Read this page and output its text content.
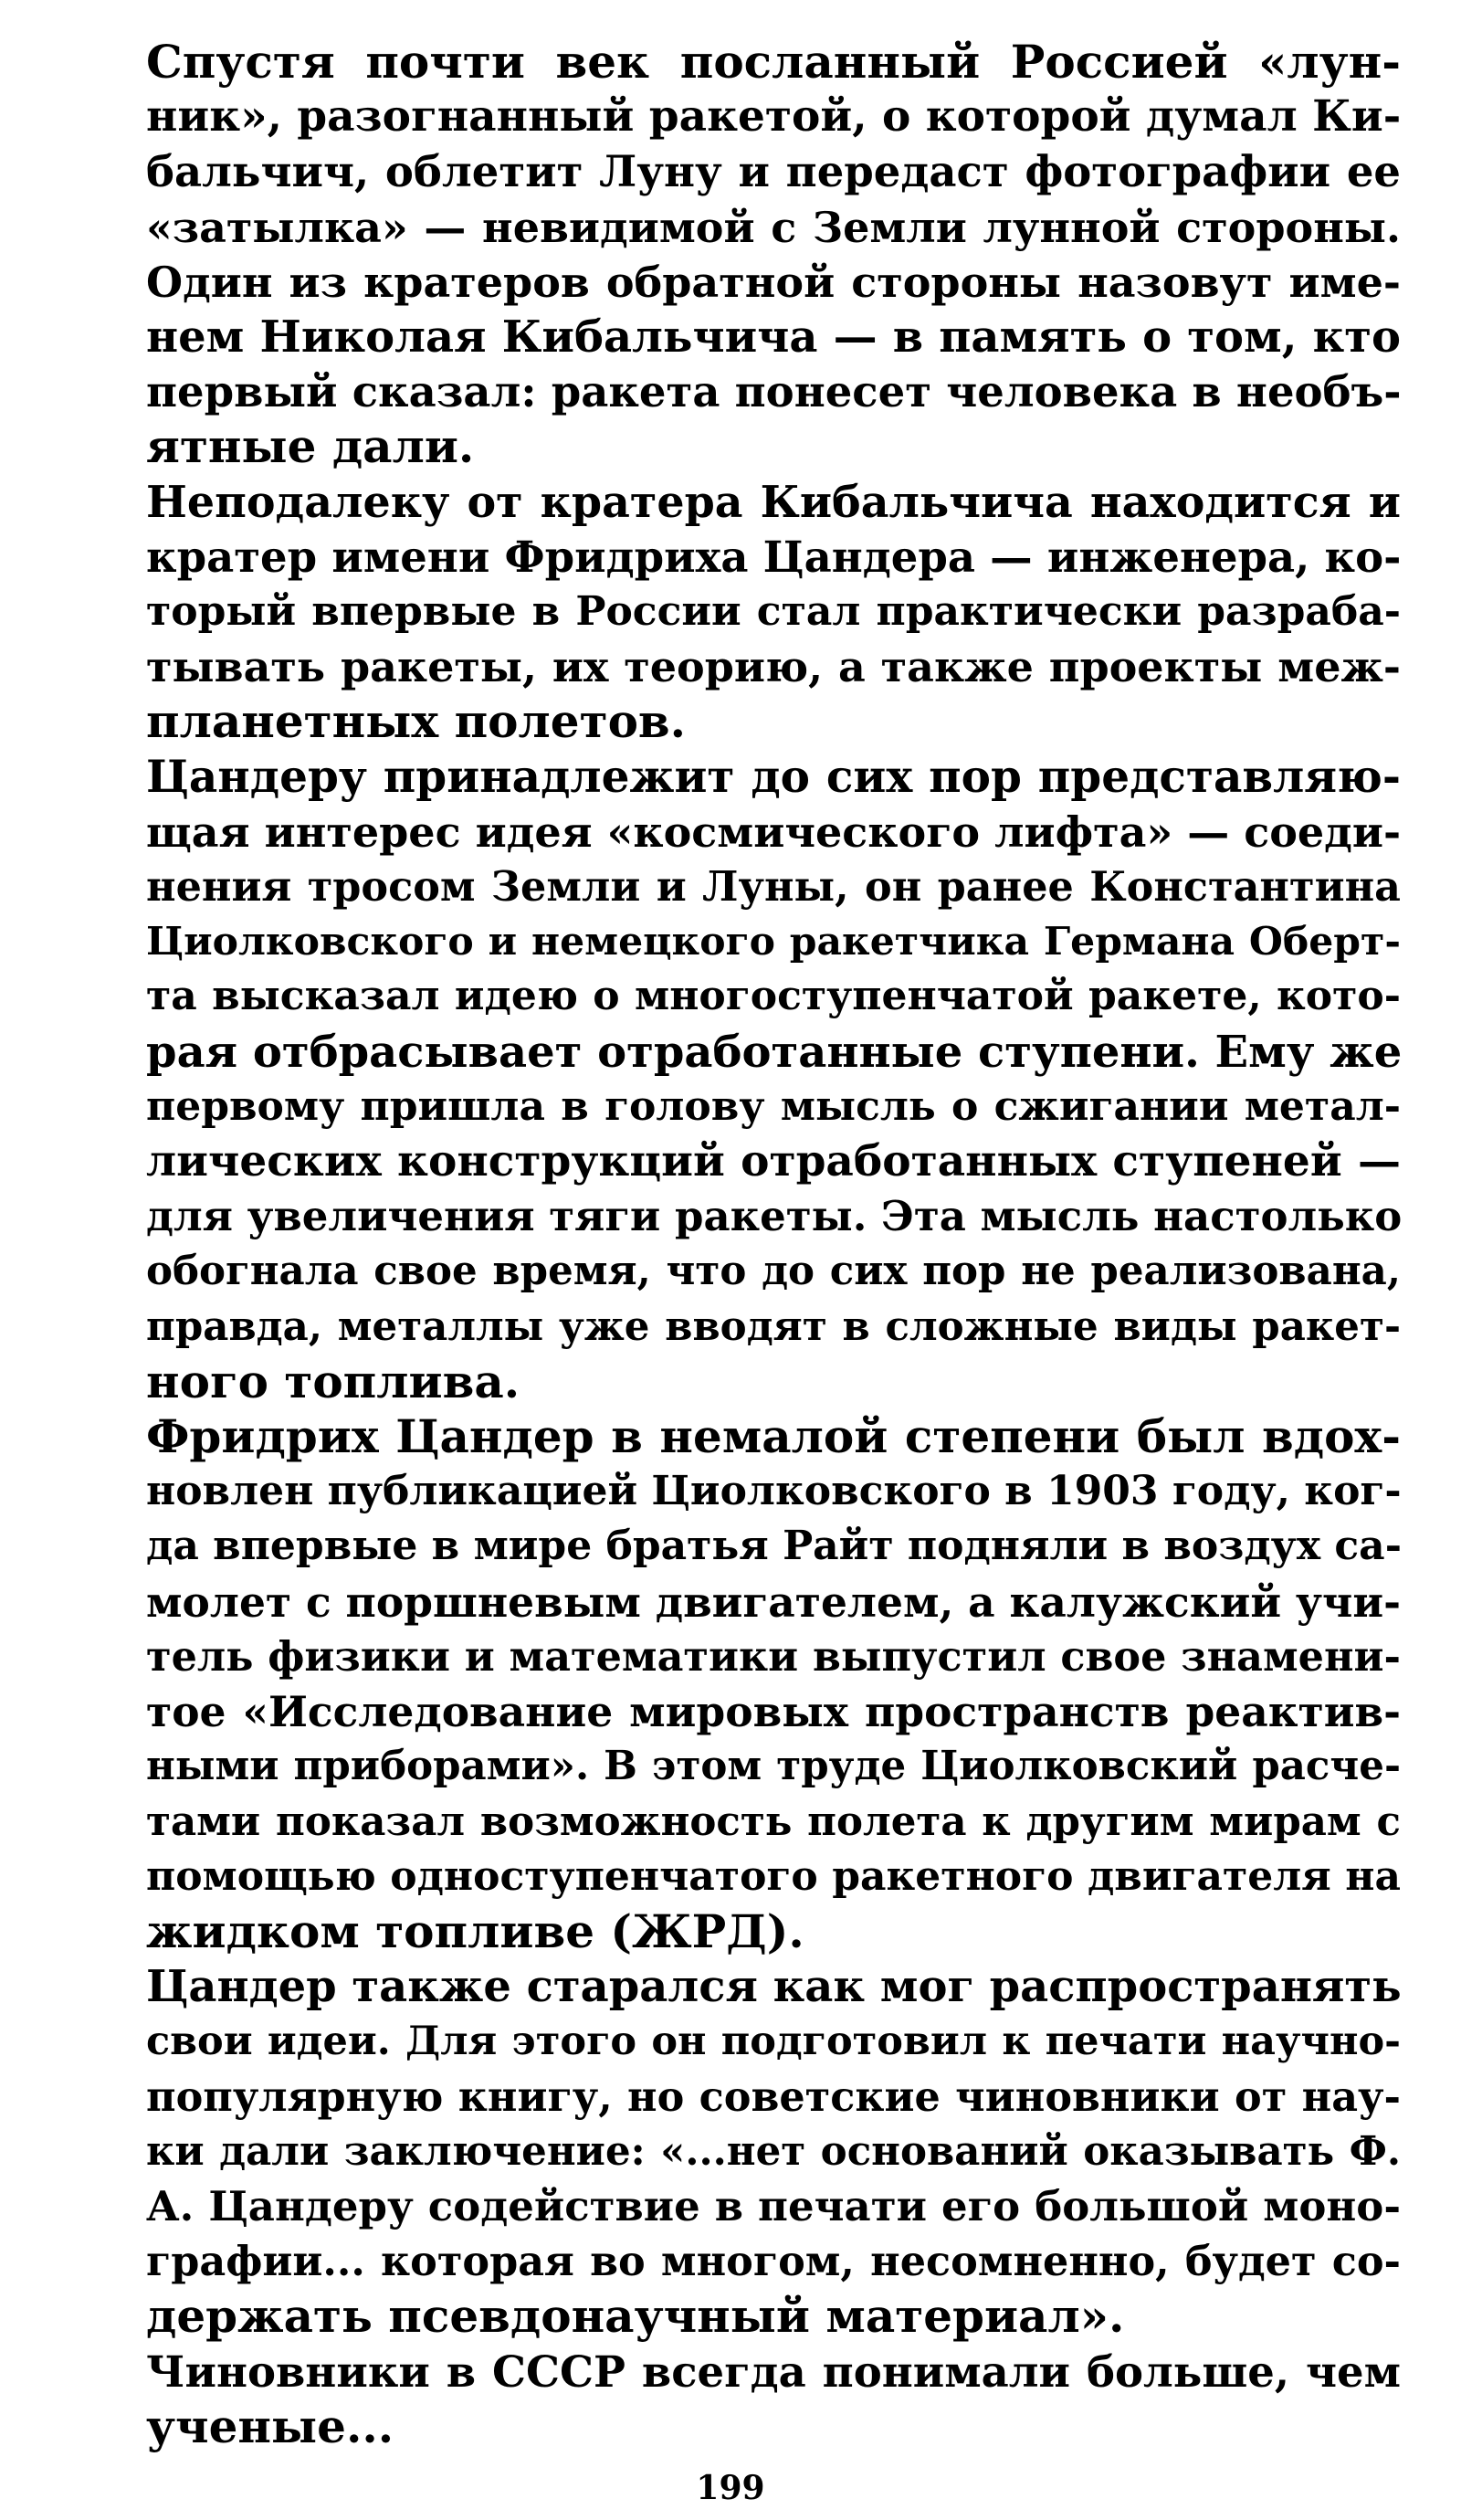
Спустя почти век посланный Россией «лун-
ник», разогнанный ракетой, о которой думал Ки-
бальчич, облетит Луну и передаст фотографии ее
«затылка» — невидимой с Земли лунной стороны.
Один из кратеров обратной стороны назовут име-
нем Николая Кибальчича — в память о том, кто
первый сказал: ракета понесет человека в необъ-
ятные дали.
Неподалеку от кратера Кибальчича находится и
кратер имени Фридриха Цандера — инженера, ко-
торый впервые в России стал практически разраба-
тывать ракеты, их теорию, а также проекты меж-
планетных полетов.
Цандеру принадлежит до сих пор представляю-
щая интерес идея «космического лифта» — соеди-
нения тросом Земли и Луны, он ранее Константина
Циолковского и немецкого ракетчика Германа Оберт-
та высказал идею о многоступенчатой ракете, кото-
рая отбрасывает отработанные ступени. Ему же
первому пришла в голову мысль о сжигании метал-
лических конструкций отработанных ступеней —
для увеличения тяги ракеты. Эта мысль настолько
обогнала свое время, что до сих пор не реализована,
правда, металлы уже вводят в сложные виды ракет-
ного топлива.
Фридрих Цандер в немалой степени был вдох-
новлен публикацией Циолковского в 1903 году, ког-
да впервые в мире братья Райт подняли в воздух са-
молет с поршневым двигателем, а калужский учи-
тель физики и математики выпустил свое знамени-
тое «Исследование мировых пространств реактив-
ными приборами». В этом труде Циолковский расче-
тами показал возможность полета к другим мирам с
помощью одноступенчатого ракетного двигателя на
жидком топливе (ЖРД).
Цандер также старался как мог распространять
свои идеи. Для этого он подготовил к печати научно-
популярную книгу, но советские чиновники от нау-
ки дали заключение: «...нет оснований оказывать Ф.
А. Цандеру содействие в печати его большой моно-
графии... которая во многом, несомненно, будет со-
держать псевдонаучный материал».
Чиновники в СССР всегда понимали больше, чем
ученые...
199
